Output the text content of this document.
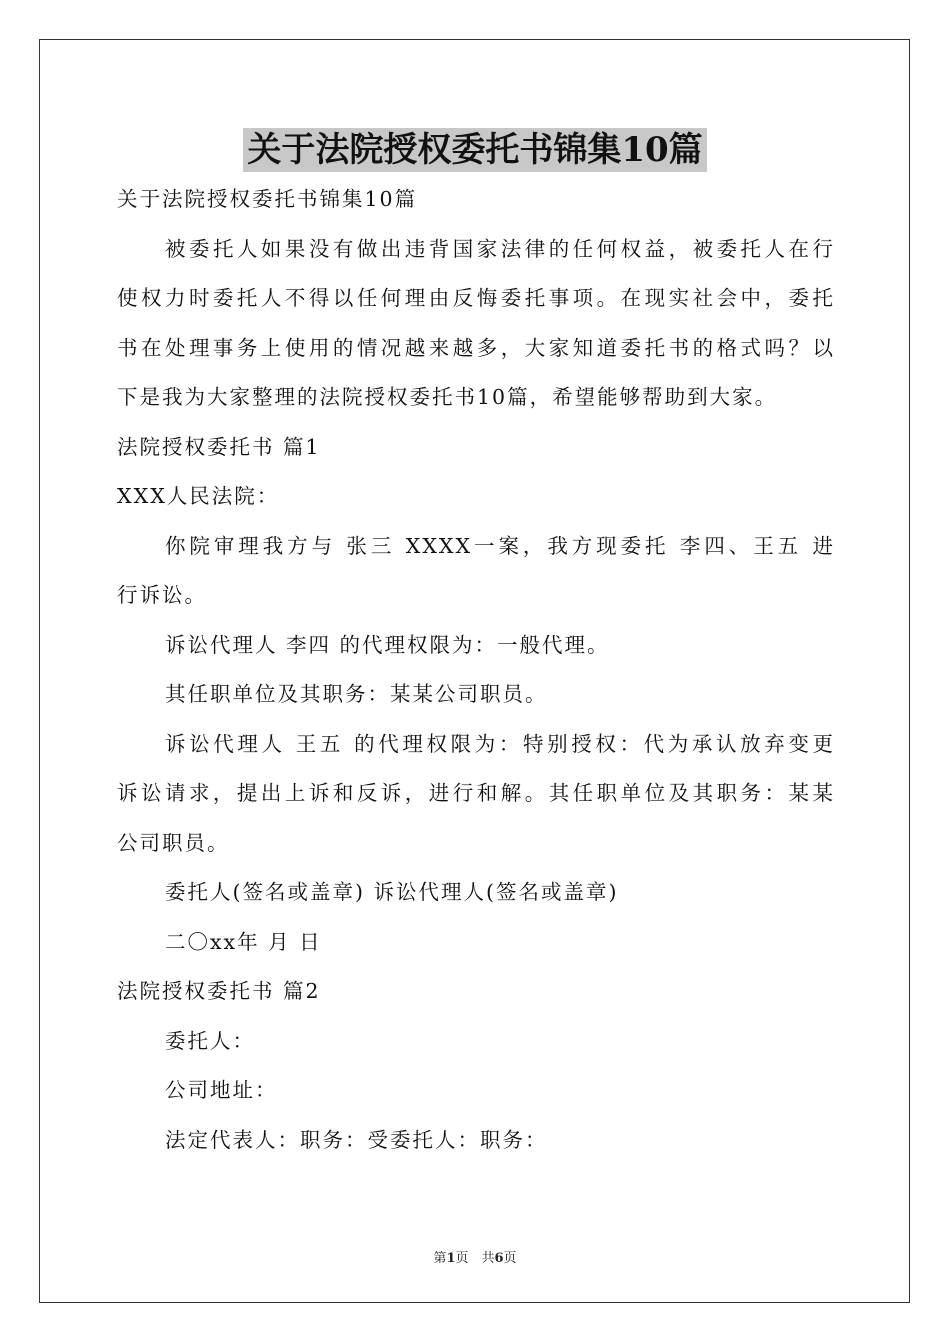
关于法院授权委托书锦集10篇
关于法院授权委托书锦集10篇
被委托人如果没有做出违背国家法律的任何权益，被委托人在行
使权力时委托人不得以任何理由反悔委托事项。在现实社会中，委托
书在处理事务上使用的情况越来越多，大家知道委托书的格式吗？以
下是我为大家整理的法院授权委托书10篇，希望能够帮助到大家。
法院授权委托书 篇1
XXX人民法院：
你院审理我方与 张三 XXXX一案，我方现委托 李四、王五 进
行诉讼。
诉讼代理人 李四 的代理权限为：一般代理。
其任职单位及其职务：某某公司职员。
诉讼代理人 王五 的代理权限为：特别授权：代为承认放弃变更
诉讼请求，提出上诉和反诉，进行和解。其任职单位及其职务：某某
公司职员。
委托人(签名或盖章) 诉讼代理人(签名或盖章)
二〇xx年 月 日
法院授权委托书 篇2
委托人：
公司地址：
法定代表人：职务：受委托人：职务：
第1页　共6页
